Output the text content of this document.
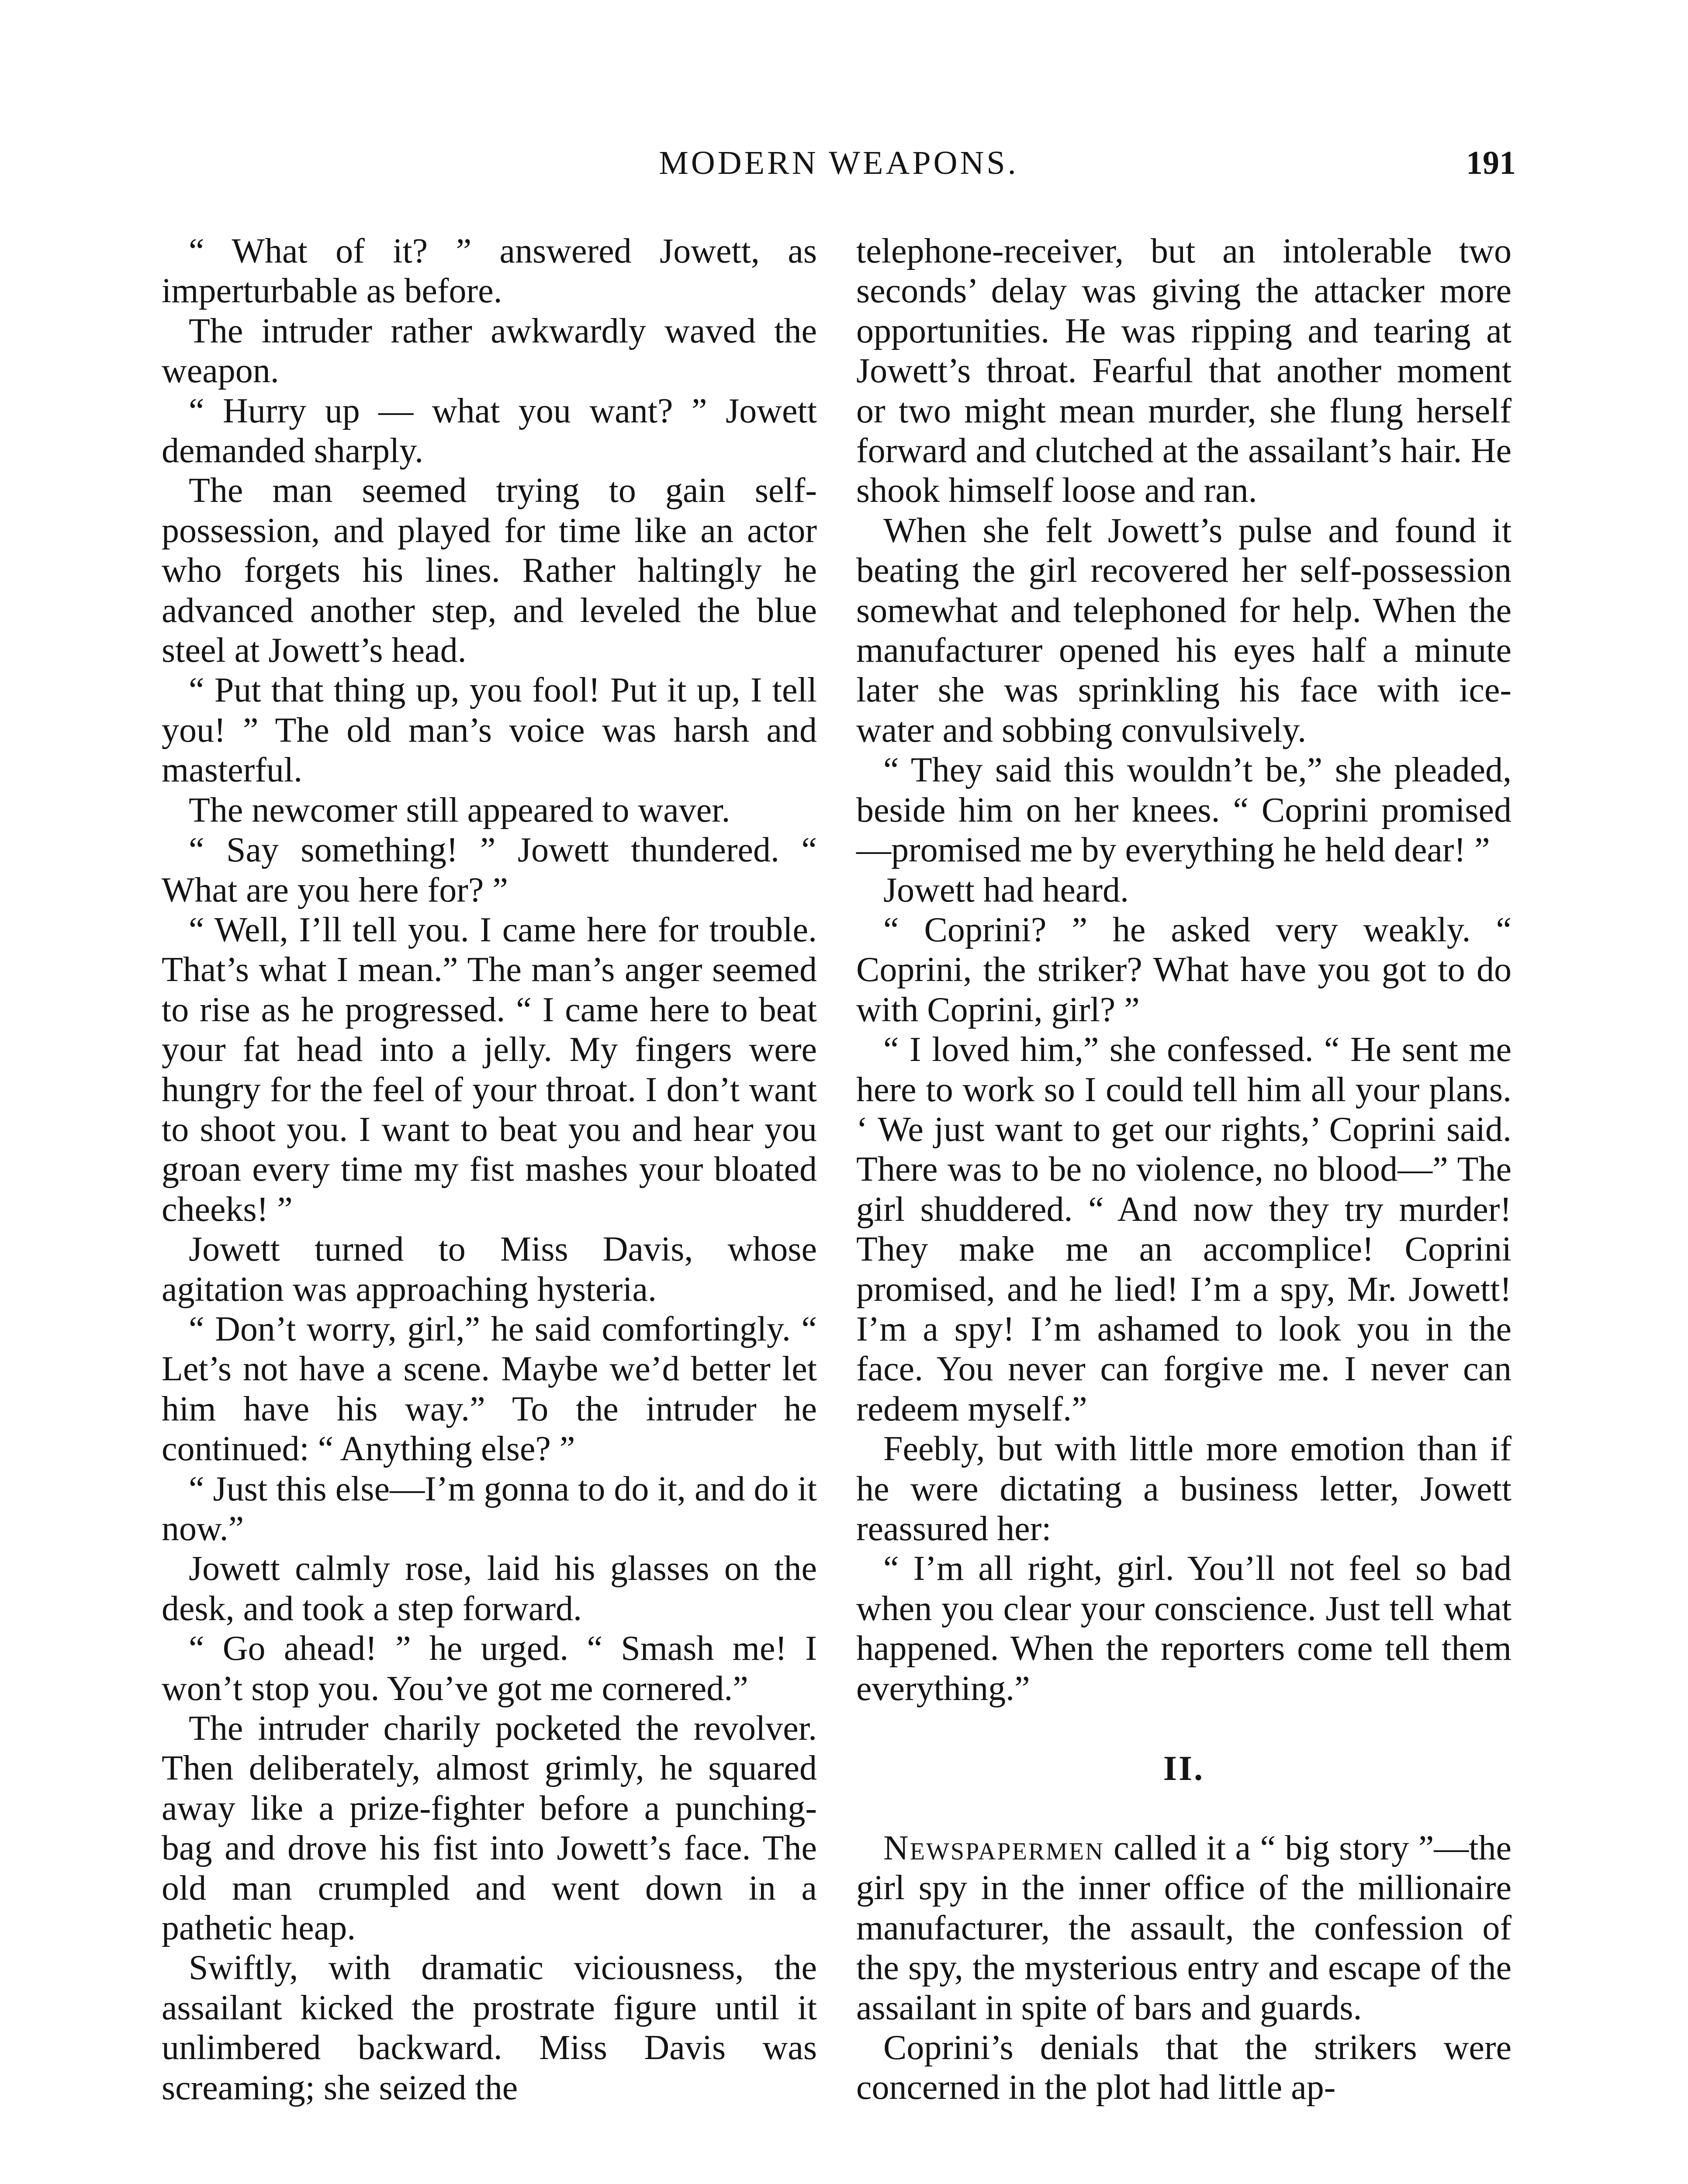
MODERN WEAPONS.	191

“ What of it? ” answered Jowett, as imperturbable as before.

The intruder rather awkwardly waved the weapon.

“ Hurry up — what you want? ” Jowett demanded sharply.

The man seemed trying to gain self-possession, and played for time like an actor who forgets his lines. Rather haltingly he advanced another step, and leveled the blue steel at Jowett’s head.

“ Put that thing up, you fool! Put it up, I tell you! ” The old man’s voice was harsh and masterful.

The newcomer still appeared to waver.

“ Say something! ” Jowett thundered. “ What are you here for? ”

“ Well, I’ll tell you. I came here for trouble. That’s what I mean.” The man’s anger seemed to rise as he progressed. “ I came here to beat your fat head into a jelly. My fingers were hungry for the feel of your throat. I don’t want to shoot you. I want to beat you and hear you groan every time my fist mashes your bloated cheeks! ”

Jowett turned to Miss Davis, whose agitation was approaching hysteria.

“ Don’t worry, girl,” he said comfortingly. “ Let’s not have a scene. Maybe we’d better let him have his way.” To the intruder he continued: “ Anything else? ”

“ Just this else—I’m gonna to do it, and do it now.”

Jowett calmly rose, laid his glasses on the desk, and took a step forward.

“ Go ahead! ” he urged. “ Smash me! I won’t stop you. You’ve got me cornered.”

The intruder charily pocketed the revolver. Then deliberately, almost grimly, he squared away like a prize-fighter before a punching-bag and drove his fist into Jowett’s face. The old man crumpled and went down in a pathetic heap.

Swiftly, with dramatic viciousness, the assailant kicked the prostrate figure until it unlimbered backward. Miss Davis was screaming; she seized the

telephone-receiver, but an intolerable two seconds’ delay was giving the attacker more opportunities. He was ripping and tearing at Jowett’s throat. Fearful that another moment or two might mean murder, she flung herself forward and clutched at the assailant’s hair. He shook himself loose and ran.

When she felt Jowett’s pulse and found it beating the girl recovered her self-possession somewhat and telephoned for help. When the manufacturer opened his eyes half a minute later she was sprinkling his face with ice-water and sobbing convulsively.

“ They said this wouldn’t be,” she pleaded, beside him on her knees. “ Coprini promised—promised me by everything he held dear! ”

Jowett had heard.

“ Coprini? ” he asked very weakly. “ Coprini, the striker? What have you got to do with Coprini, girl? ”

“ I loved him,” she confessed. “ He sent me here to work so I could tell him all your plans. ‘ We just want to get our rights,’ Coprini said. There was to be no violence, no blood—” The girl shuddered. “ And now they try murder! They make me an accomplice! Coprini promised, and he lied! I’m a spy, Mr. Jowett! I’m a spy! I’m ashamed to look you in the face. You never can forgive me. I never can redeem myself.”

Feebly, but with little more emotion than if he were dictating a business letter, Jowett reassured her:

“ I’m all right, girl. You’ll not feel so bad when you clear your conscience. Just tell what happened. When the reporters come tell them everything.”

II.

Newspapermen called it a “ big story ”—the girl spy in the inner office of the millionaire manufacturer, the assault, the confession of the spy, the mysterious entry and escape of the assailant in spite of bars and guards.

Coprini’s denials that the strikers were concerned in the plot had little ap-
